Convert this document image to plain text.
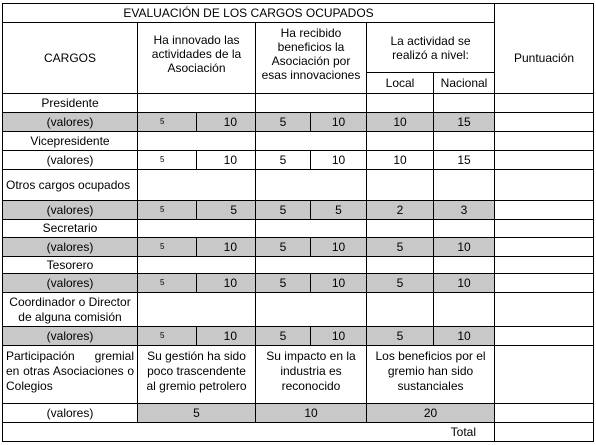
EVALUACIÓN DE LOS CARGOS OCUPADOS							
CARGOS	Ha innovado las actividades de la Asociación		Ha recibido beneficios la Asociación por esas innovaciones		La actividad se realizó a nivel:		Puntuación
					Local	Nacional	
Presidente							
(valores)	5	10	5	10	10	15	
Vicepresidente							
(valores)	5	10	5	10	10	15	
Otros cargos ocupados							
(valores)	5	5	5	5	2	3	
Secretario							
(valores)	5	10	5	10	5	10	
Tesorero							
(valores)	5	10	5	10	5	10	
Coordinador o Director de alguna comisión							
(valores)	5	10	5	10	5	10	
Participación gremial en otras Asociaciones o Colegios	Su gestión ha sido poco trascendente al gremio petrolero		Su impacto en la industria es reconocido		Los beneficios por el gremio han sido sustanciales		
(valores)	5		10		20		
Total							
